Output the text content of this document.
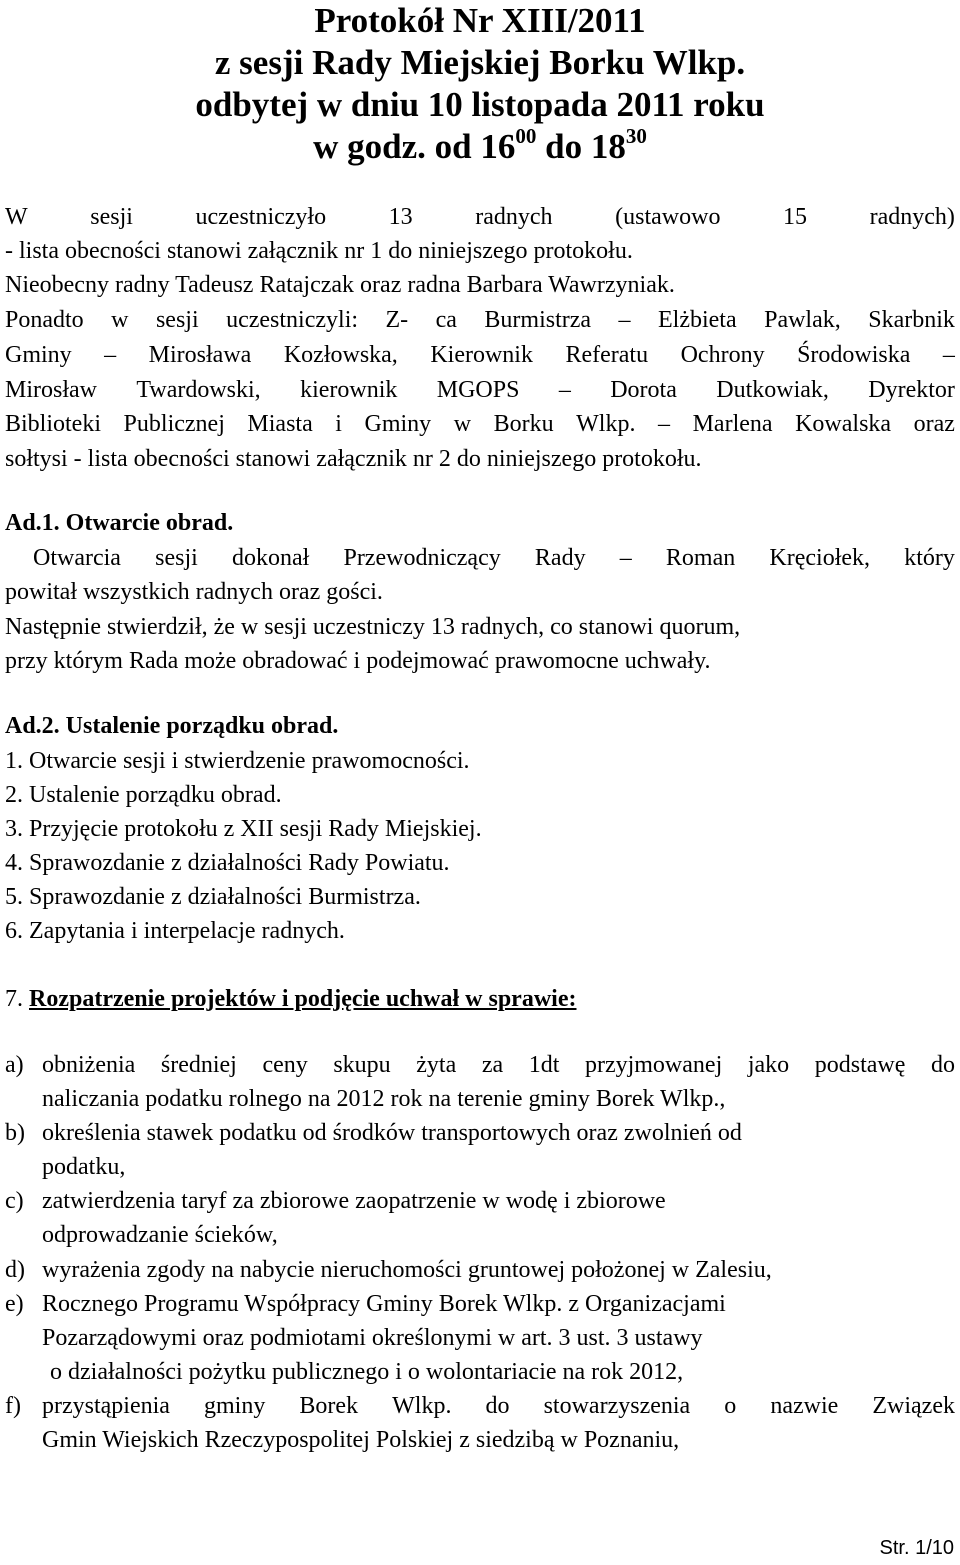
Protokół Nr XIII/2011
z sesji Rady Miejskiej Borku Wlkp.
odbytej w dniu 10 listopada 2011 roku
w godz. od $16^{00}$ do $18^{30}$
W	sesji	uczestniczyło	13	radnych	(ustawowo	15	radnych)
- lista obecności stanowi załącznik nr 1 do niniejszego protokołu.
Nieobecny radny Tadeusz Ratajczak oraz radna Barbara Wawrzyniak.
Ponadto w sesji uczestniczyli: Z- ca Burmistrza – Elżbieta Pawlak, Skarbnik
Gminy – Mirosława Kozłowska, Kierownik Referatu Ochrony Środowiska –
Mirosław Twardowski, kierownik MGOPS – Dorota Dutkowiak, Dyrektor
Biblioteki Publicznej Miasta i Gminy w Borku Wlkp. – Marlena Kowalska oraz
sołtysi - lista obecności stanowi załącznik nr 2 do niniejszego protokołu.
Ad.1. Otwarcie obrad.
Otwarcia sesji dokonał Przewodniczący Rady – Roman Kręciołek, który
powitał wszystkich radnych oraz gości.
Następnie stwierdził, że w sesji uczestniczy 13 radnych, co stanowi quorum,
przy którym Rada może obradować i podejmować prawomocne uchwały.
Ad.2. Ustalenie porządku obrad.
1. Otwarcie sesji i stwierdzenie prawomocności.
2. Ustalenie porządku obrad.
3. Przyjęcie protokołu z XII sesji Rady Miejskiej.
4. Sprawozdanie z działalności Rady Powiatu.
5. Sprawozdanie z działalności Burmistrza.
6. Zapytania i interpelacje radnych.
7. Rozpatrzenie projektów i podjęcie uchwał w sprawie:
a) obniżenia średniej ceny skupu żyta za 1dt przyjmowanej jako podstawę do
naliczania podatku rolnego na 2012 rok na terenie gminy Borek Wlkp.,
b) określenia stawek podatku od środków transportowych oraz zwolnień od
podatku,
c) zatwierdzenia taryf za zbiorowe zaopatrzenie w wodę i zbiorowe
odprowadzanie ścieków,
d) wyrażenia zgody na nabycie nieruchomości gruntowej położonej w Zalesiu,
e) Rocznego Programu Współpracy Gminy Borek Wlkp. z Organizacjami
Pozarządowymi oraz podmiotami określonymi w art. 3 ust. 3 ustawy
o działalności pożytku publicznego i o wolontariacie na rok 2012,
f) przystąpienia gminy Borek Wlkp. do stowarzyszenia o nazwie Związek
Gmin Wiejskich Rzeczypospolitej Polskiej z siedzibą w Poznaniu,
Str. 1/10
